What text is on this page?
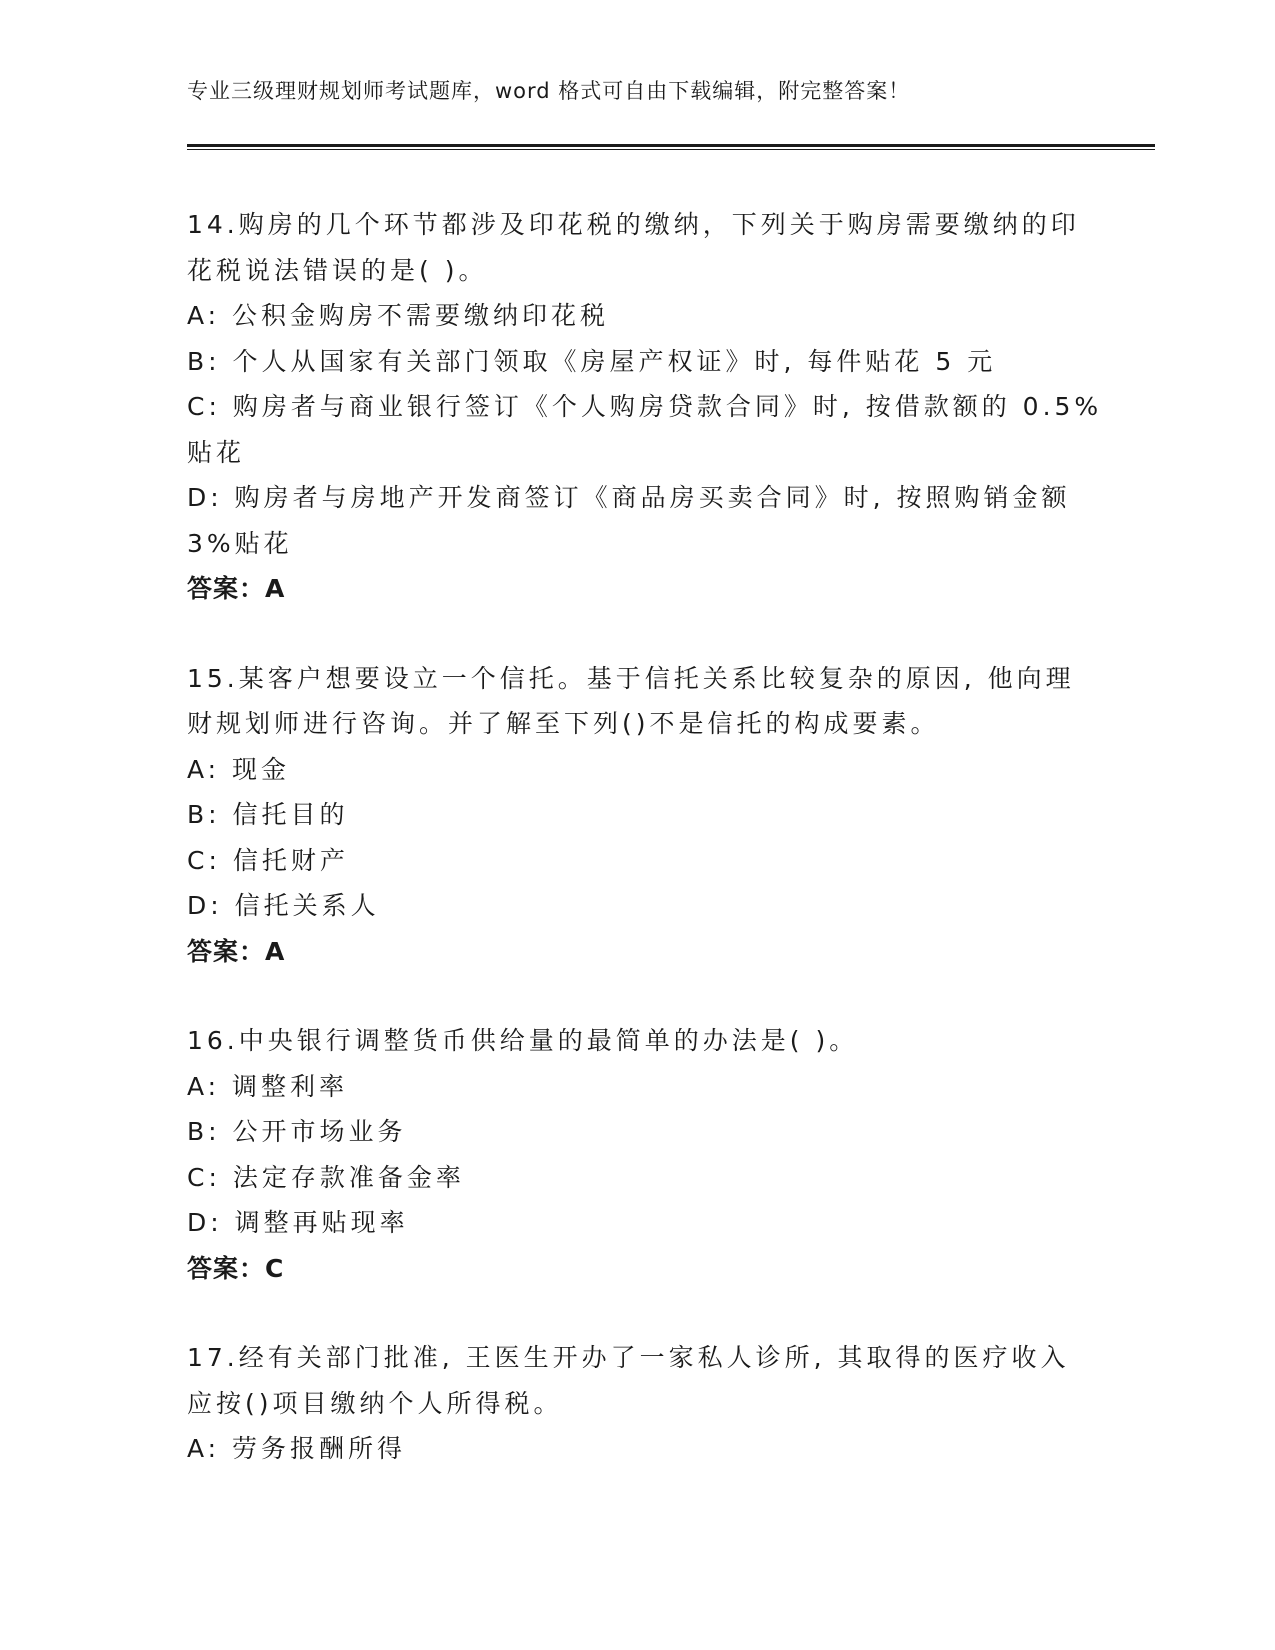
专业三级理财规划师考试题库，word 格式可自由下载编辑，附完整答案！
14.购房的几个环节都涉及印花税的缴纳，下列关于购房需要缴纳的印
花税说法错误的是( )。
A: 公积金购房不需要缴纳印花税
B: 个人从国家有关部门领取《房屋产权证》时, 每件贴花 5 元
C: 购房者与商业银行签订《个人购房贷款合同》时, 按借款额的 0.5%
贴花
D: 购房者与房地产开发商签订《商品房买卖合同》时, 按照购销金额
3%贴花
答案：A
15.某客户想要设立一个信托。基于信托关系比较复杂的原因, 他向理
财规划师进行咨询。并了解至下列()不是信托的构成要素。
A: 现金
B: 信托目的
C: 信托财产
D: 信托关系人
答案：A
16.中央银行调整货币供给量的最简单的办法是( )。
A: 调整利率
B: 公开市场业务
C: 法定存款准备金率
D: 调整再贴现率
答案：C
17.经有关部门批准, 王医生开办了一家私人诊所, 其取得的医疗收入
应按()项目缴纳个人所得税。
A: 劳务报酬所得
